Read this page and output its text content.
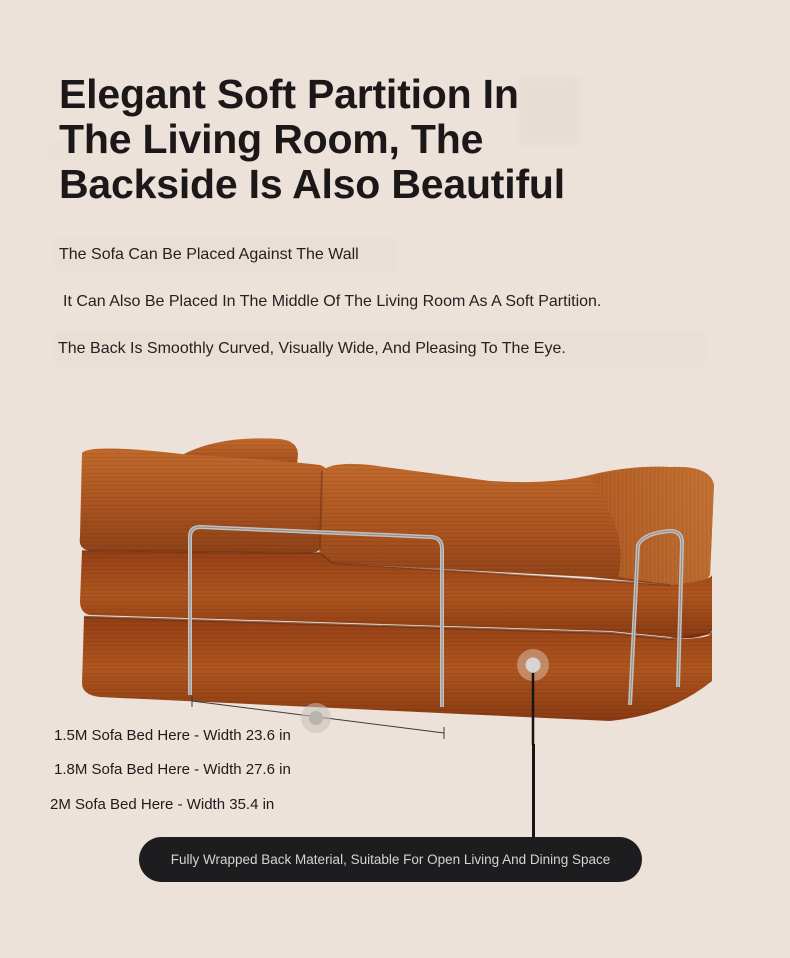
Elegant Soft Partition In
The Living Room, The
Backside Is Also Beautiful
The Sofa Can Be Placed Against The Wall
It Can Also Be Placed In The Middle Of The Living Room As A Soft Partition.
The Back Is Smoothly Curved, Visually Wide, And Pleasing To The Eye.
1.5M Sofa Bed Here - Width 23.6 in
1.8M Sofa Bed Here - Width 27.6 in
2M Sofa Bed Here - Width 35.4 in
Fully Wrapped Back Material, Suitable For Open Living And Dining Space
